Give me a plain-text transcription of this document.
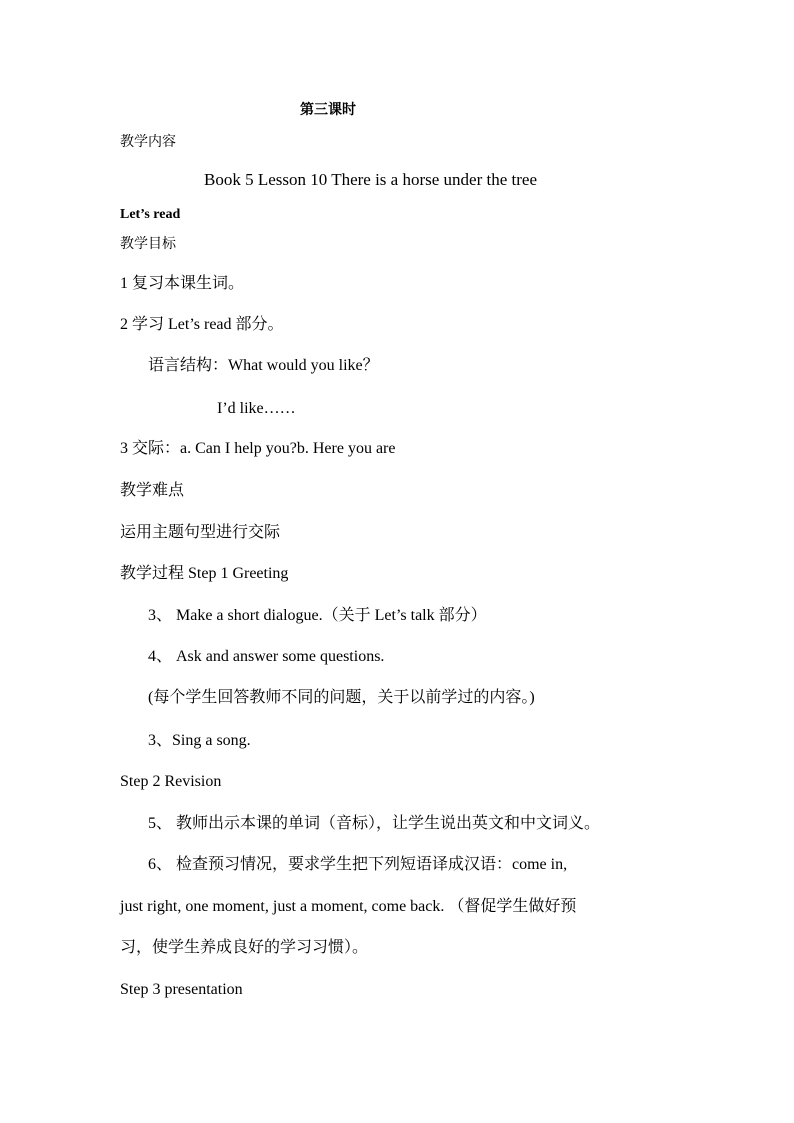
第三课时
教学内容
Book 5 Lesson 10 There is a horse under the tree
Let’s read
教学目标
1 复习本课生词。
2 学习 Let’s read 部分。
语言结构：What would you like？
I’d like……
3 交际：a. Can I help you?b. Here you are
教学难点
运用主题句型进行交际
教学过程 Step 1 Greeting
3、 Make a short dialogue.（关于 Let’s talk 部分）
4、 Ask and answer some questions.
(每个学生回答教师不同的问题，关于以前学过的内容。)
3、Sing a song.
Step 2 Revision
5、 教师出示本课的单词（音标），让学生说出英文和中文词义。
6、 检查预习情况，要求学生把下列短语译成汉语：come in,
just right, one moment, just a moment, come back. （督促学生做好预
习，使学生养成良好的学习习惯）。
Step 3 presentation
